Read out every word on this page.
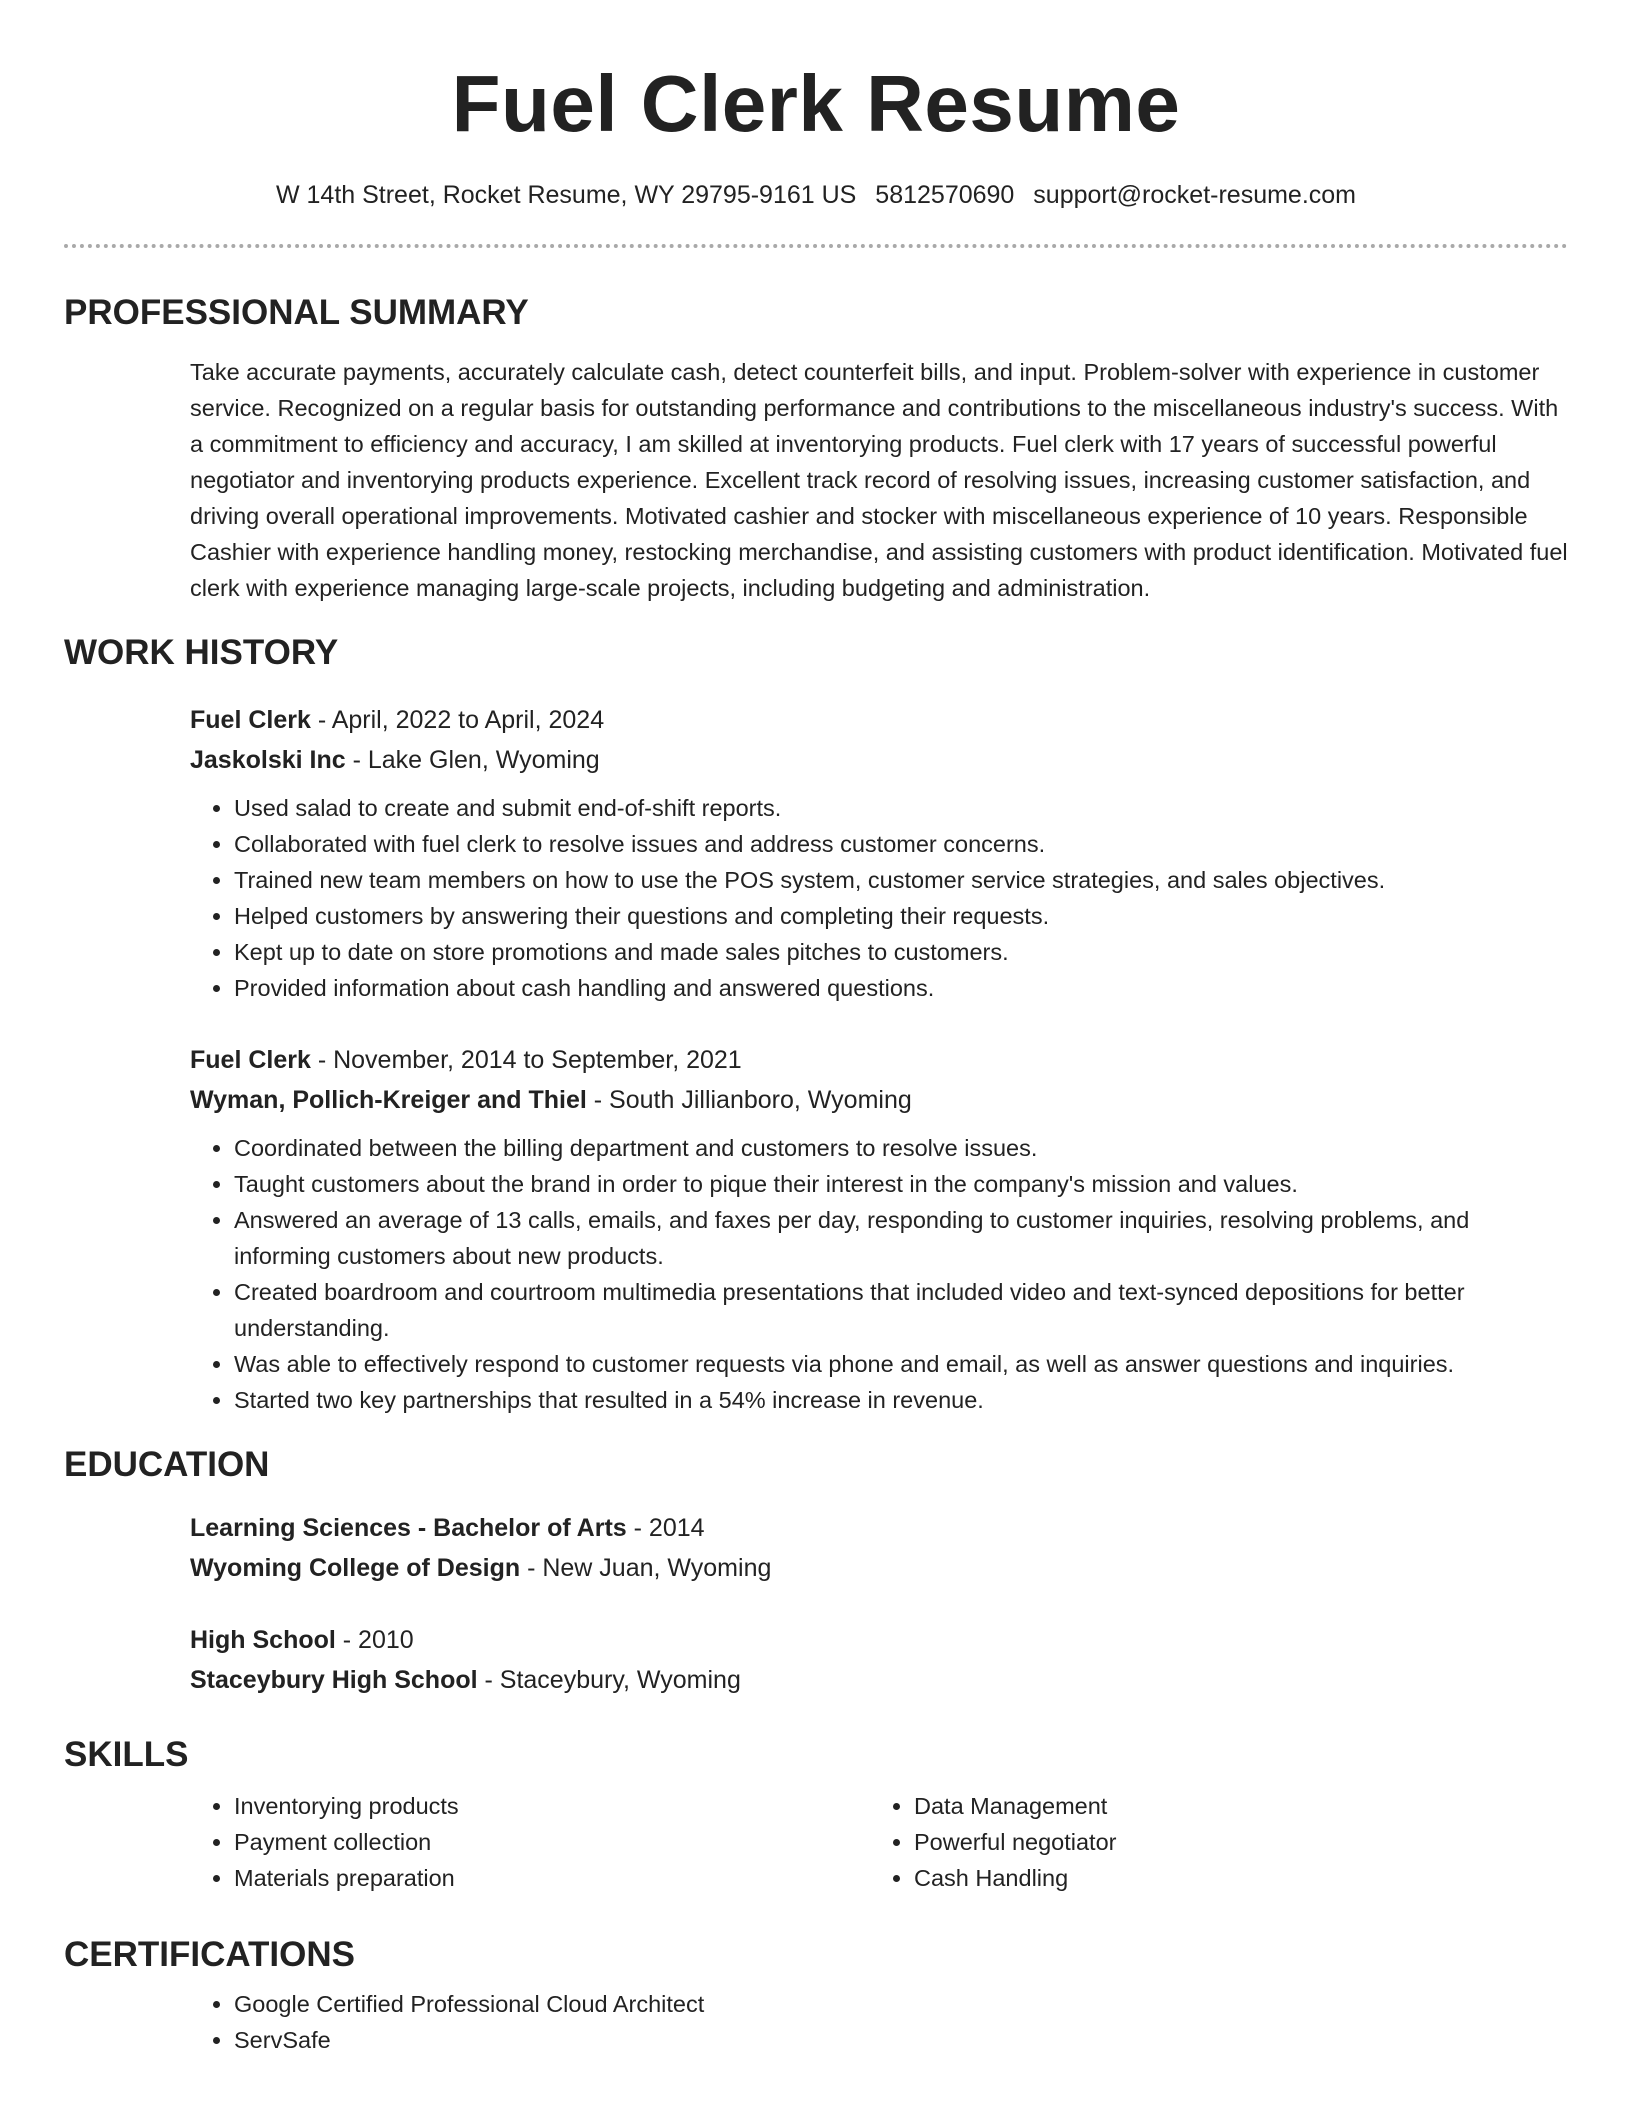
Fuel Clerk Resume
W 14th Street, Rocket Resume, WY 29795-9161 US 5812570690 support@rocket-resume.com
PROFESSIONAL SUMMARY
Take accurate payments, accurately calculate cash, detect counterfeit bills, and input. Problem-solver with experience in customer service. Recognized on a regular basis for outstanding performance and contributions to the miscellaneous industry's success. With a commitment to efficiency and accuracy, I am skilled at inventorying products. Fuel clerk with 17 years of successful powerful negotiator and inventorying products experience. Excellent track record of resolving issues, increasing customer satisfaction, and driving overall operational improvements. Motivated cashier and stocker with miscellaneous experience of 10 years. Responsible Cashier with experience handling money, restocking merchandise, and assisting customers with product identification. Motivated fuel clerk with experience managing large-scale projects, including budgeting and administration.
WORK HISTORY
Fuel Clerk - April, 2022 to April, 2024
Jaskolski Inc - Lake Glen, Wyoming
• Used salad to create and submit end-of-shift reports.
• Collaborated with fuel clerk to resolve issues and address customer concerns.
• Trained new team members on how to use the POS system, customer service strategies, and sales objectives.
• Helped customers by answering their questions and completing their requests.
• Kept up to date on store promotions and made sales pitches to customers.
• Provided information about cash handling and answered questions.
Fuel Clerk - November, 2014 to September, 2021
Wyman, Pollich-Kreiger and Thiel - South Jillianboro, Wyoming
• Coordinated between the billing department and customers to resolve issues.
• Taught customers about the brand in order to pique their interest in the company's mission and values.
• Answered an average of 13 calls, emails, and faxes per day, responding to customer inquiries, resolving problems, and informing customers about new products.
• Created boardroom and courtroom multimedia presentations that included video and text-synced depositions for better understanding.
• Was able to effectively respond to customer requests via phone and email, as well as answer questions and inquiries.
• Started two key partnerships that resulted in a 54% increase in revenue.
EDUCATION
Learning Sciences - Bachelor of Arts - 2014
Wyoming College of Design - New Juan, Wyoming
High School - 2010
Staceybury High School - Staceybury, Wyoming
SKILLS
• Inventorying products
• Payment collection
• Materials preparation
• Data Management
• Powerful negotiator
• Cash Handling
CERTIFICATIONS
• Google Certified Professional Cloud Architect
• ServSafe
